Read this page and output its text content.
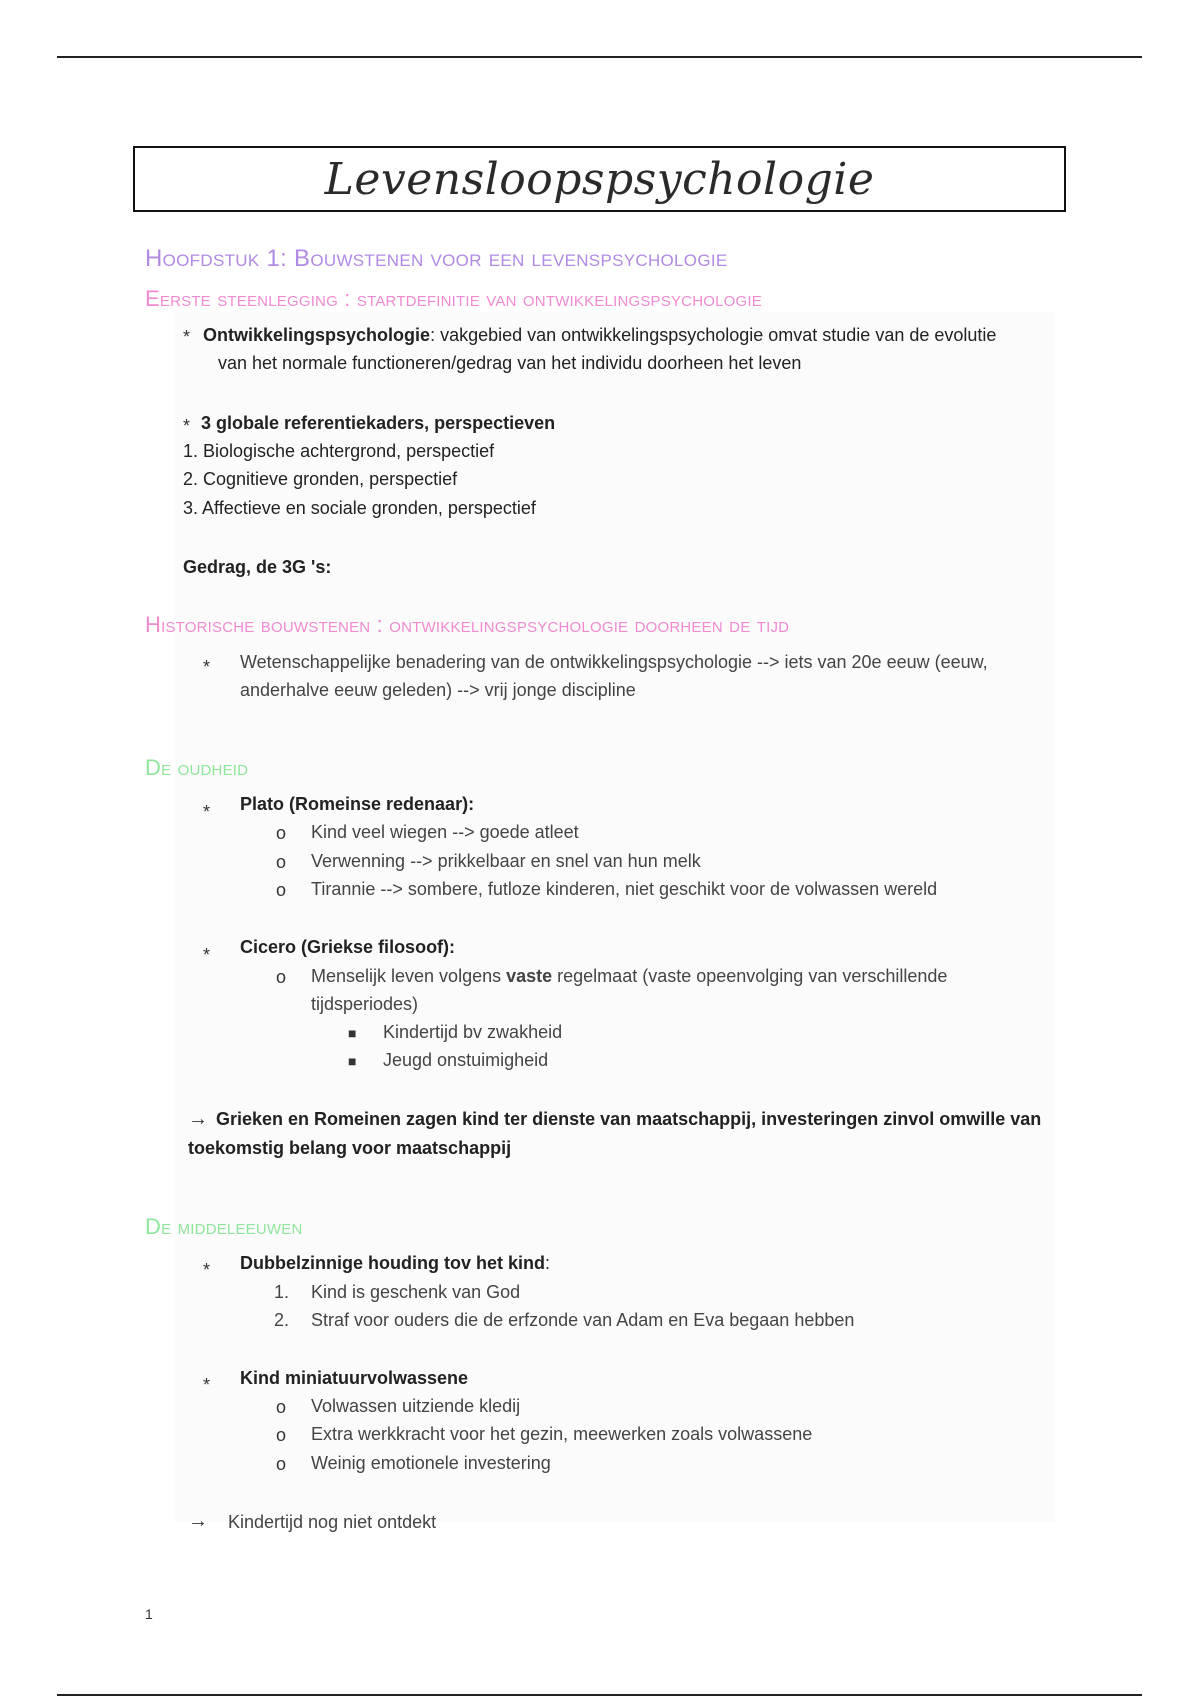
Levensloopspsychologie
Hoofdstuk 1: Bouwstenen voor een levenspsychologie
Eerste steenlegging : startdefinitie van ontwikkelingspsychologie
* Ontwikkelingspsychologie: vakgebied van ontwikkelingspsychologie omvat studie van de evolutie
van het normale functioneren/gedrag van het individu doorheen het leven
* 3 globale referentiekaders, perspectieven
1. Biologische achtergrond, perspectief
2. Cognitieve gronden, perspectief
3. Affectieve en sociale gronden, perspectief
Gedrag, de 3G 's:
Historische bouwstenen : ontwikkelingspsychologie doorheen de tijd
* Wetenschappelijke benadering van de ontwikkelingspsychologie --> iets van 20e eeuw (eeuw,
anderhalve eeuw geleden) --> vrij jonge discipline
De oudheid
* Plato (Romeinse redenaar):
o Kind veel wiegen --> goede atleet
o Verwenning --> prikkelbaar en snel van hun melk
o Tirannie --> sombere, futloze kinderen, niet geschikt voor de volwassen wereld
* Cicero (Griekse filosoof):
o Menselijk leven volgens vaste regelmaat (vaste opeenvolging van verschillende
tijdsperiodes)
■ Kindertijd bv zwakheid
■ Jeugd onstuimigheid
→ Grieken en Romeinen zagen kind ter dienste van maatschappij, investeringen zinvol omwille van
toekomstig belang voor maatschappij
De middeleeuwen
* Dubbelzinnige houding tov het kind:
1. Kind is geschenk van God
2. Straf voor ouders die de erfzonde van Adam en Eva begaan hebben
* Kind miniatuurvolwassene
o Volwassen uitziende kledij
o Extra werkkracht voor het gezin, meewerken zoals volwassene
o Weinig emotionele investering
→ Kindertijd nog niet ontdekt
1
